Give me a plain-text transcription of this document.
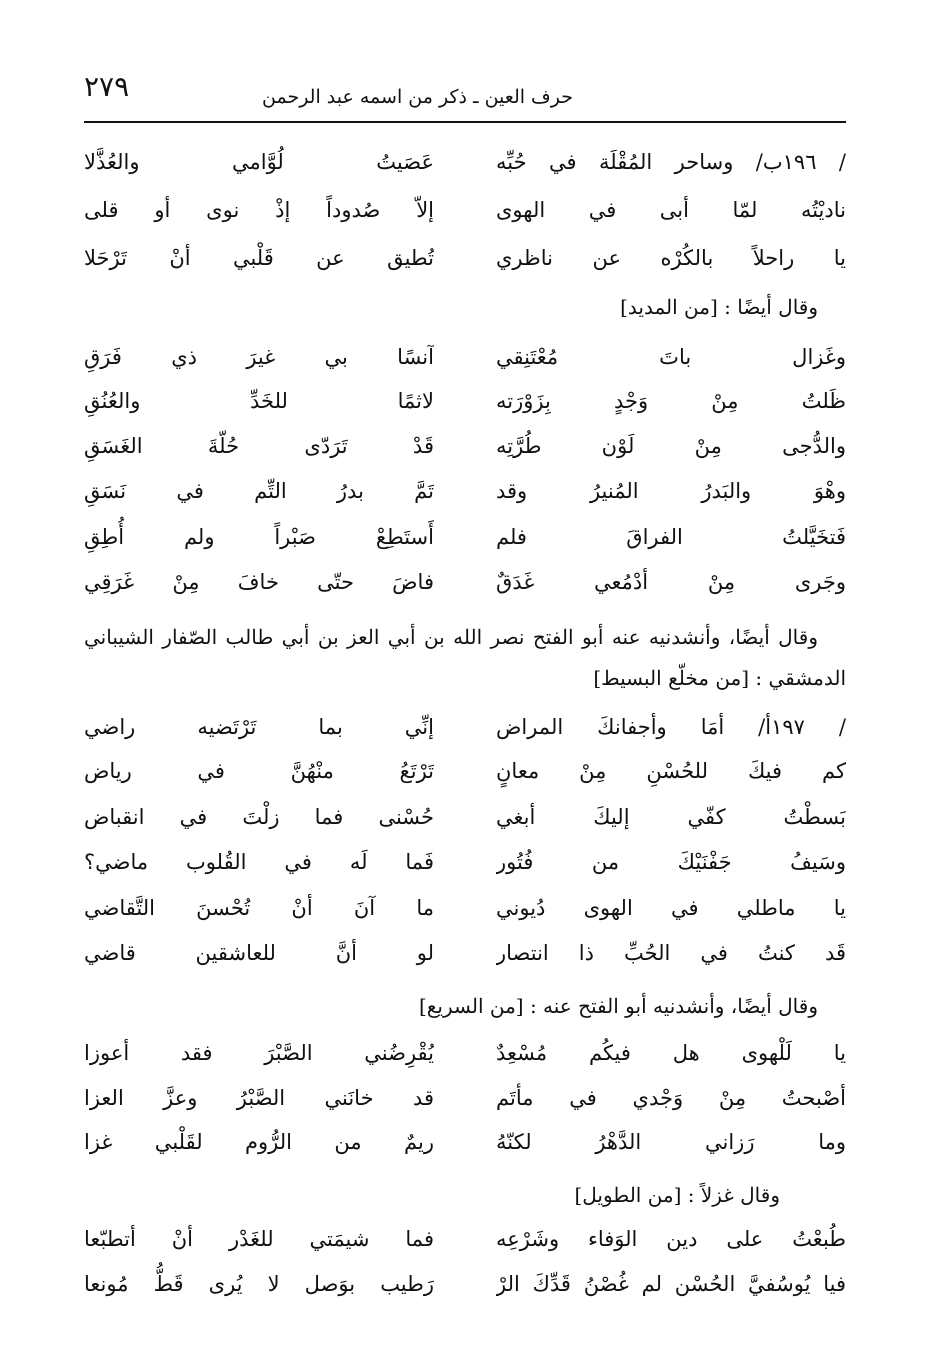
٢٧٩	حرف العين ـ ذكر من اسمه عبد الرحمن
/ ١٩٦ب/ وساحر المُقْلَة في حُبِّه
عَصَيتُ لُوَّامي والعُذَّلا
ناديْتُه لمّا أبى في الهوى
إلاّ صُدوداً إذْ نوى أو قلى
يا راحلاً بالكُرْه عن ناظري
تُطيق عن قَلْبي أنْ تَرْحَلا
وقال أيضًا : [من المديد]
وغَزال باتَ مُعْتَنِقي
آنسًا بي غيرَ ذي فَرَقِ
ظَلتُ مِنْ وَجْدٍ بِزَوْرَته
لاثمًا للخَدِّ والعُنُقِ
والدُّجى مِنْ لَوْن طُرَّتِه
قَدْ تَرَدّى حُلّةَ الغَسَقِ
وهْوَ والبَدرُ المُنيرُ وقد
تَمَّ بدرُ التِّم في نَسَقِ
فَتخَيَّلتُ الفراقَ فلم
أَستَطِعْ صَبْراً ولم أُطِقِ
وجَرى مِنْ أدْمُعي غَدَقٌ
فاضَ حتّى خافَ مِنْ غَرَقِي
وقال أيضًا، وأنشدنيه عنه أبو الفتح نصر الله بن أبي العز بن أبي طالب الصّفار الشيباني
الدمشقي : [من مخلّع البسيط]
/ ١٩٧أ/ أمَا وأجفانكَ المراض
إنِّي بما تَرْتَضيه راضي
كم فيكَ للحُسْنِ مِنْ معانٍ
تَرْتَعُ منْهُنَّ في رياض
بَسطْتُ كفّي إليكَ أبغي
حُسْنى فما زلْتَ في انقباض
وسَيفُ جَفْنَيْكَ من فُتُور
فَما لَه في القُلوب ماضي؟
يا ماطلي في الهوى دُيوني
ما آنَ أنْ تُحْسنَ التَّقاضي
قَد كنتُ في الحُبِّ ذا انتصار
لو أنَّ للعاشقين قاضي
وقال أيضًا، وأنشدنيه أبو الفتح عنه : [من السريع]
يا لَلْهوى هل فيكُم مُسْعِدٌ
يُقْرِضُني الصَّبْرَ فقد أعوزا
أصْبحتُ مِنْ وَجْدي في مأتَم
قد خانَني الصَّبْرُ وعزَّ العزا
وما رَزاني الدَّهْرُ لكنّهُ
ريمٌ من الرُّوم لقَلْبي غزا
وقال غزلاً : [من الطويل]
طُبعْتُ على دين الوَفاء وشَرْعِه
فما شيمَتي للغَدْر أنْ أتطبّعا
فيا يُوسُفيَّ الحُسْن لم غُصْنُ قَدِّكَ الرْ
رَطيب بوَصل لا يُرى قَطُّ مُونعا
